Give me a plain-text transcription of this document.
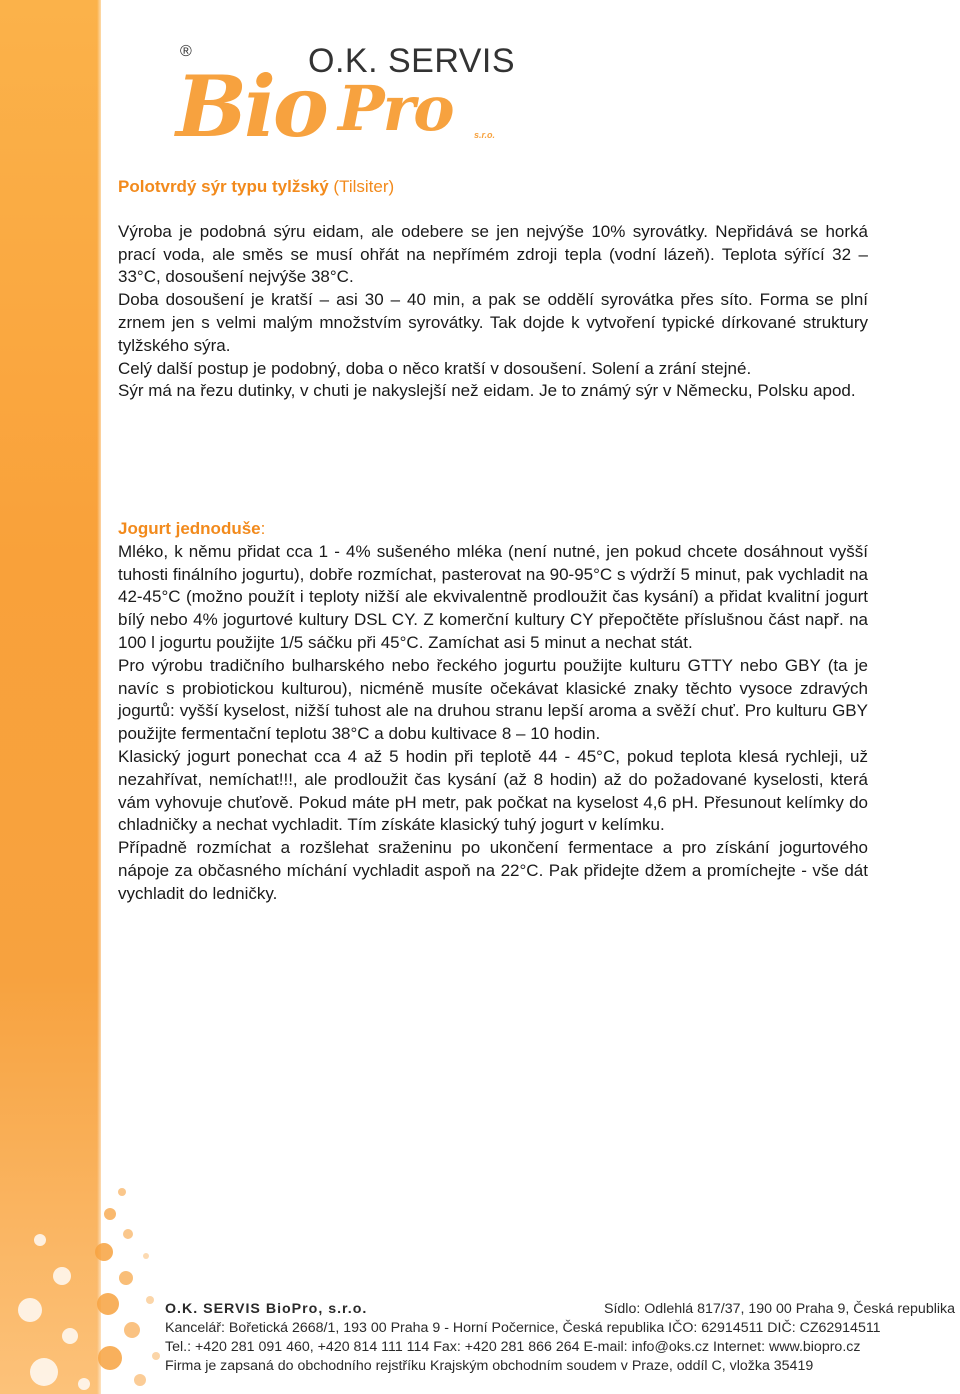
®	O.K. SERVIS
Bio Pro s.r.o.
Polotvrdý sýr typu tylžský (Tilsiter)

Výroba je podobná sýru eidam, ale odebere se jen nejvýše 10% syrovátky. Nepřidává se horká prací voda, ale směs se musí ohřát na nepřímém zdroji tepla (vodní lázeň). Teplota sýřící 32 – 33°C, dosoušení nejvýše 38°C.

Doba dosoušení je kratší – asi 30 – 40 min, a pak se oddělí syrovátka přes síto. Forma se plní zrnem jen s velmi malým množstvím syrovátky. Tak dojde k vytvoření typické dírkované struktury tylžského sýra.

Celý další postup je podobný, doba o něco kratší v dosoušení. Solení a zrání stejné.

Sýr má na řezu dutinky, v chuti je nakyslejší než eidam. Je to známý sýr v Německu, Polsku apod.

Jogurt jednoduše:

Mléko, k němu přidat cca 1 - 4% sušeného mléka (není nutné, jen pokud chcete dosáhnout vyšší tuhosti finálního jogurtu), dobře rozmíchat, pasterovat na 90-95°C s výdrží 5 minut, pak vychladit na 42-45°C (možno použít i teploty nižší ale ekvivalentně prodloužit čas kysání) a přidat kvalitní jogurt bílý nebo 4% jogurtové kultury DSL CY. Z komerční kultury CY přepočtěte příslušnou část např. na 100 l jogurtu použijte 1/5 sáčku při 45°C. Zamíchat asi 5 minut a nechat stát.

Pro výrobu tradičního bulharského nebo řeckého jogurtu použijte kulturu GTTY nebo GBY (ta je navíc s probiotickou kulturou), nicméně musíte očekávat klasické znaky těchto vysoce zdravých jogurtů: vyšší kyselost, nižší tuhost ale na druhou stranu lepší aroma a svěží chuť. Pro kulturu GBY použijte fermentační teplotu 38°C a dobu kultivace 8 – 10 hodin.

Klasický jogurt ponechat cca 4 až 5 hodin při teplotě 44 - 45°C, pokud teplota klesá rychleji, už nezahřívat, nemíchat!!!, ale prodloužit čas kysání (až 8 hodin) až do požadované kyselosti, která vám vyhovuje chuťově. Pokud máte pH metr, pak počkat na kyselost 4,6 pH. Přesunout kelímky do chladničky a nechat vychladit. Tím získáte klasický tuhý jogurt v kelímku.

Případně rozmíchat a rozšlehat sraženinu po ukončení fermentace a pro získání jogurtového nápoje za občasného míchání vychladit aspoň na 22°C. Pak přidejte džem a promíchejte - vše dát vychladit do ledničky.

O.K. SERVIS BioPro, s.r.o.	Sídlo: Odlehlá 817/37, 190 00 Praha 9, Česká republika
Kancelář: Bořetická 2668/1, 193 00 Praha 9 - Horní Počernice, Česká republika IČO: 62914511 DIČ: CZ62914511
Tel.: +420 281 091 460, +420 814 111 114 Fax: +420 281 866 264 E-mail: info@oks.cz Internet: www.biopro.cz
Firma je zapsaná do obchodního rejstříku Krajským obchodním soudem v Praze, oddíl C, vložka 35419
